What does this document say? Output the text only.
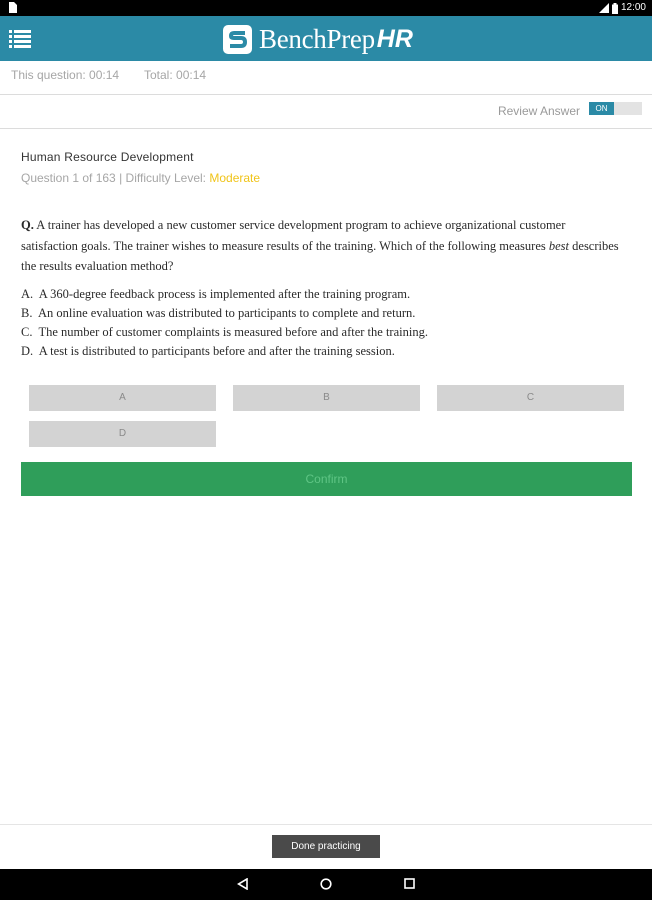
12:00
BenchPrep HR
This question: 00:14 Total: 00:14
Review Answer	ON
Human Resource Development
Question 1 of 163 | Difficulty Level: Moderate
Q. A trainer has developed a new customer service development program to achieve organizational customer satisfaction goals. The trainer wishes to measure results of the training. Which of the following measures best describes the results evaluation method?
A. A 360-degree feedback process is implemented after the training program.
B. An online evaluation was distributed to participants to complete and return.
C. The number of customer complaints is measured before and after the training.
D. A test is distributed to participants before and after the training session.
A	B	C
D
Confirm
Done practicing
